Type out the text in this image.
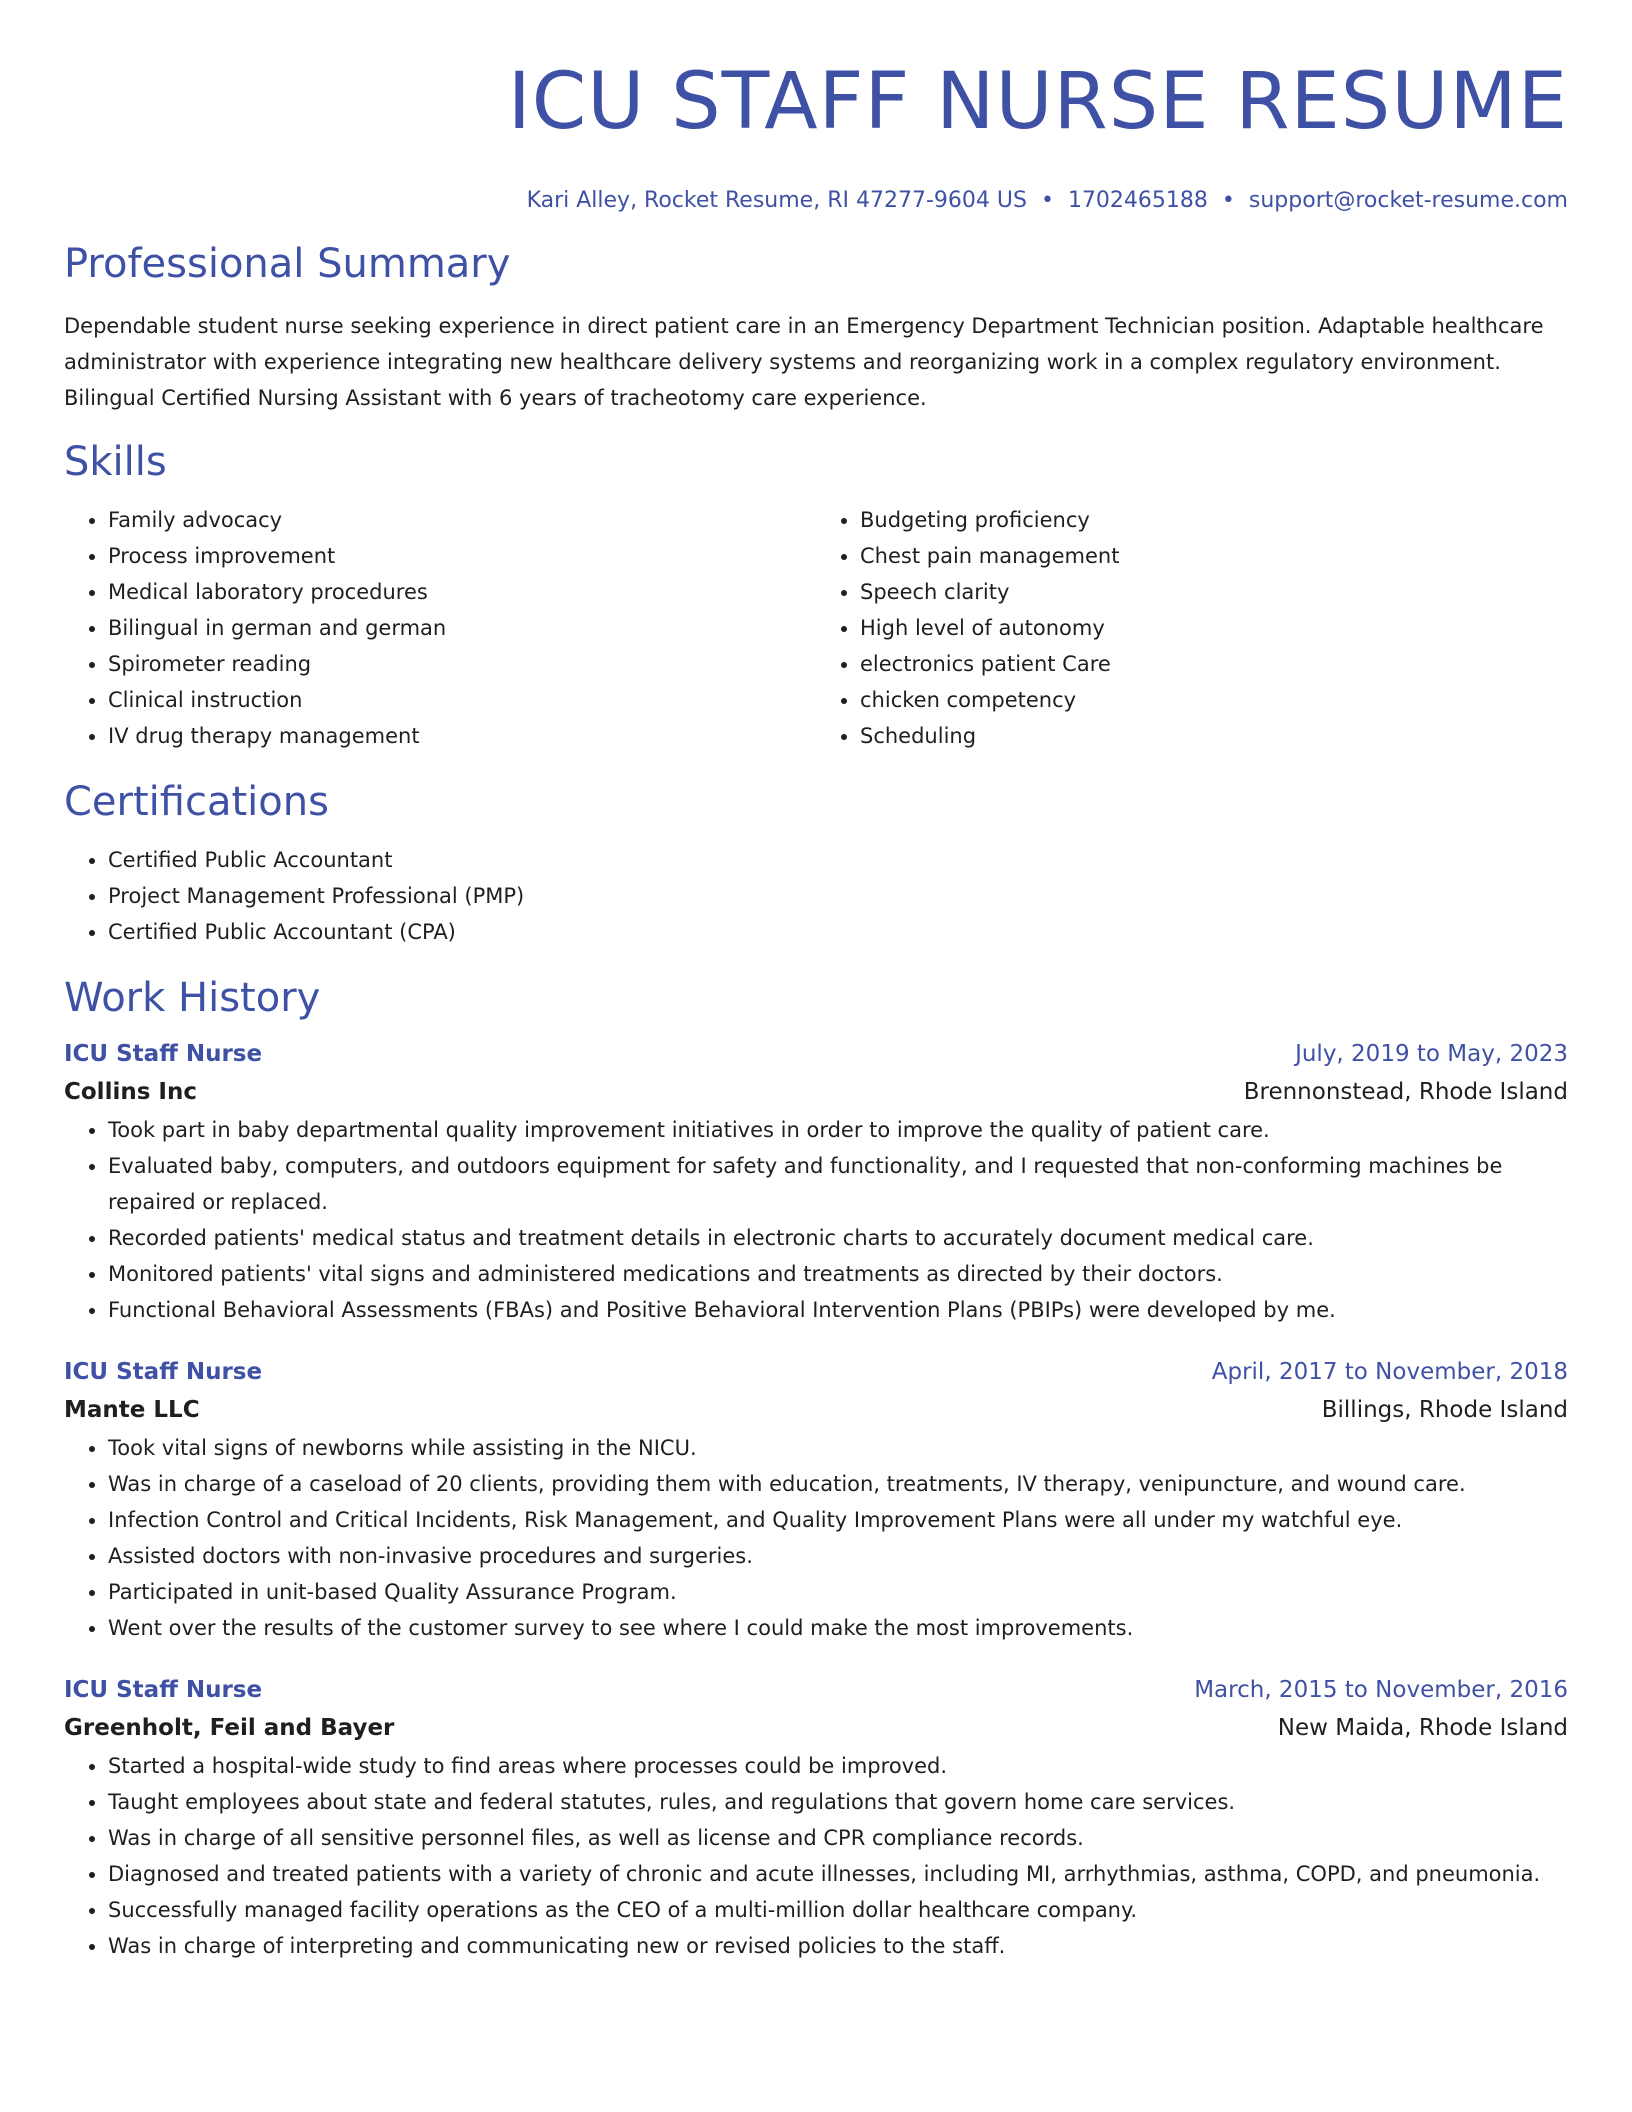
ICU STAFF NURSE RESUME
Kari Alley, Rocket Resume, RI 47277-9604 US • 1702465188 • support@rocket-resume.com
Professional Summary

Dependable student nurse seeking experience in direct patient care in an Emergency Department Technician position. Adaptable healthcare administrator with experience integrating new healthcare delivery systems and reorganizing work in a complex regulatory environment. Bilingual Certified Nursing Assistant with 6 years of tracheotomy care experience.

Skills
• Family advocacy
• Process improvement
• Medical laboratory procedures
• Bilingual in german and german
• Spirometer reading
• Clinical instruction
• IV drug therapy management
• Budgeting proficiency
• Chest pain management
• Speech clarity
• High level of autonomy
• electronics patient Care
• chicken competency
• Scheduling
Certifications
• Certified Public Accountant
• Project Management Professional (PMP)
• Certified Public Accountant (CPA)
Work History
ICU Staff Nurse	July, 2019 to May, 2023
Collins Inc	Brennonstead, Rhode Island
• Took part in baby departmental quality improvement initiatives in order to improve the quality of patient care.
• Evaluated baby, computers, and outdoors equipment for safety and functionality, and I requested that non-conforming machines be repaired or replaced.
• Recorded patients' medical status and treatment details in electronic charts to accurately document medical care.
• Monitored patients' vital signs and administered medications and treatments as directed by their doctors.
• Functional Behavioral Assessments (FBAs) and Positive Behavioral Intervention Plans (PBIPs) were developed by me.
ICU Staff Nurse	April, 2017 to November, 2018
Mante LLC	Billings, Rhode Island
• Took vital signs of newborns while assisting in the NICU.
• Was in charge of a caseload of 20 clients, providing them with education, treatments, IV therapy, venipuncture, and wound care.
• Infection Control and Critical Incidents, Risk Management, and Quality Improvement Plans were all under my watchful eye.
• Assisted doctors with non-invasive procedures and surgeries.
• Participated in unit-based Quality Assurance Program.
• Went over the results of the customer survey to see where I could make the most improvements.
ICU Staff Nurse	March, 2015 to November, 2016
Greenholt, Feil and Bayer	New Maida, Rhode Island
• Started a hospital-wide study to find areas where processes could be improved.
• Taught employees about state and federal statutes, rules, and regulations that govern home care services.
• Was in charge of all sensitive personnel files, as well as license and CPR compliance records.
• Diagnosed and treated patients with a variety of chronic and acute illnesses, including MI, arrhythmias, asthma, COPD, and pneumonia.
• Successfully managed facility operations as the CEO of a multi-million dollar healthcare company.
• Was in charge of interpreting and communicating new or revised policies to the staff.
